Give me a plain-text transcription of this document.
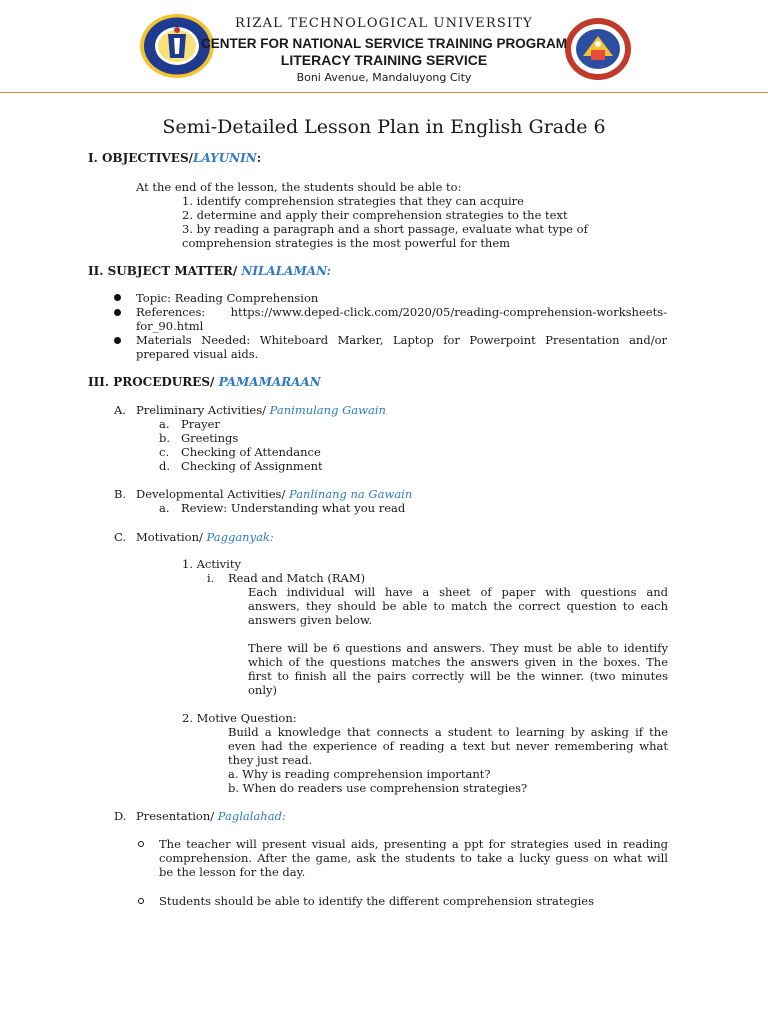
RIZAL TECHNOLOGICAL UNIVERSITY
CENTER FOR NATIONAL SERVICE TRAINING PROGRAM
LITERACY TRAINING SERVICE
Boni Avenue, Mandaluyong City
Semi-Detailed Lesson Plan in English Grade 6
I. OBJECTIVES/LAYUNIN:
At the end of the lesson, the students should be able to:
1. identify comprehension strategies that they can acquire
2. determine and apply their comprehension strategies to the text
3. by reading a paragraph and a short passage, evaluate what type of
comprehension strategies is the most powerful for them
II. SUBJECT MATTER/ NILALAMAN:
Topic: Reading Comprehension
References: https://www.deped-click.com/2020/05/reading-comprehension-worksheets-
for_90.html
Materials Needed: Whiteboard Marker, Laptop for Powerpoint Presentation and/or
prepared visual aids.
III. PROCEDURES/ PAMAMARAAN
A. Preliminary Activities/ Panimulang Gawain
a. Prayer
b. Greetings
c. Checking of Attendance
d. Checking of Assignment
B. Developmental Activities/ Panlinang na Gawain
a. Review: Understanding what you read
C. Motivation/ Pagganyak:
1. Activity
i. Read and Match (RAM)
Each individual will have a sheet of paper with questions and
answers, they should be able to match the correct question to each
answers given below.
There will be 6 questions and answers. They must be able to identify
which of the questions matches the answers given in the boxes. The
first to finish all the pairs correctly will be the winner. (two minutes
only)
2. Motive Question:
Build a knowledge that connects a student to learning by asking if the
even had the experience of reading a text but never remembering what
they just read.
a. Why is reading comprehension important?
b. When do readers use comprehension strategies?
D. Presentation/ Paglalahad:
The teacher will present visual aids, presenting a ppt for strategies used in reading
comprehension. After the game, ask the students to take a lucky guess on what will
be the lesson for the day.
Students should be able to identify the different comprehension strategies
